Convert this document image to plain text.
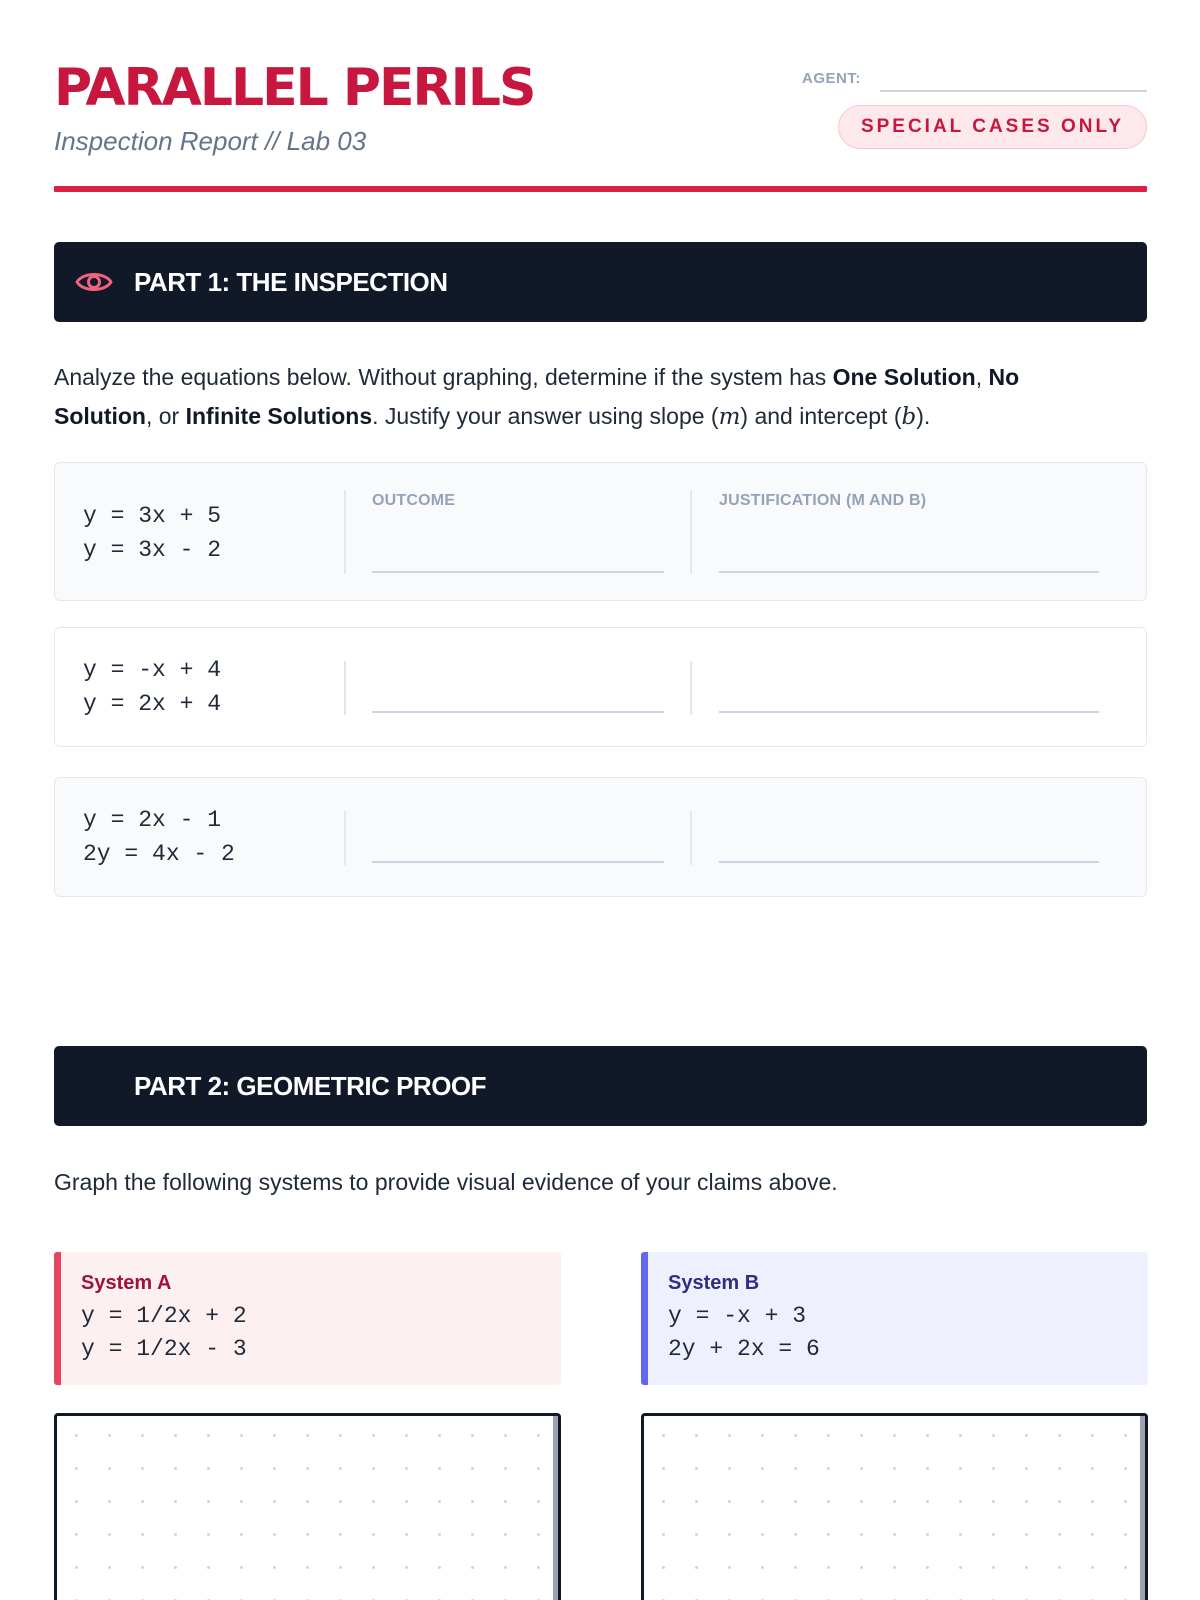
PARALLEL PERILS
Inspection Report // Lab 03
AGENT:
SPECIAL CASES ONLY
PART 1: THE INSPECTION
Analyze the equations below. Without graphing, determine if the system has One Solution, No Solution, or Infinite Solutions. Justify your answer using slope (m) and intercept (b).
y = 3x + 5
y = 3x - 2
OUTCOME	JUSTIFICATION (M AND B)
y = -x + 4
y = 2x + 4
y = 2x - 1
2y = 4x - 2
PART 2: GEOMETRIC PROOF
Graph the following systems to provide visual evidence of your claims above.
System A
y = 1/2x + 2
y = 1/2x - 3
System B
y = -x + 3
2y + 2x = 6
